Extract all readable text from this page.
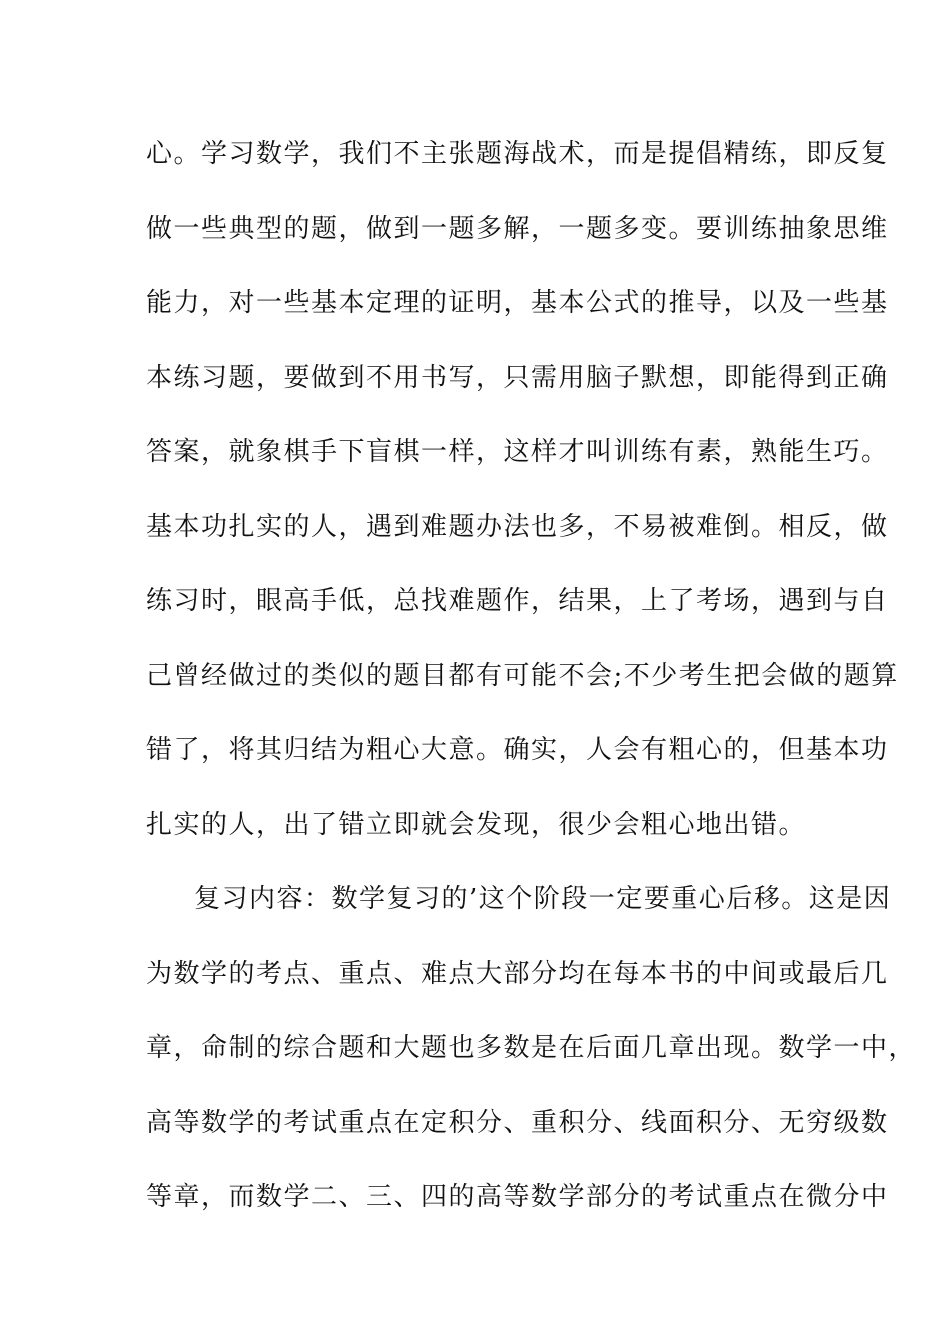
心。学习数学，我们不主张题海战术，而是提倡精练，即反复
做一些典型的题，做到一题多解，一题多变。要训练抽象思维
能力，对一些基本定理的证明，基本公式的推导，以及一些基
本练习题，要做到不用书写，只需用脑子默想，即能得到正确
答案，就象棋手下盲棋一样，这样才叫训练有素，熟能生巧。
基本功扎实的人，遇到难题办法也多，不易被难倒。相反，做
练习时，眼高手低，总找难题作，结果，上了考场，遇到与自
己曾经做过的类似的题目都有可能不会;不少考生把会做的题算
错了，将其归结为粗心大意。确实，人会有粗心的，但基本功
扎实的人，出了错立即就会发现，很少会粗心地出错。
复习内容：数学复习的’这个阶段一定要重心后移。这是因
为数学的考点、重点、难点大部分均在每本书的中间或最后几
章，命制的综合题和大题也多数是在后面几章出现。数学一中，
高等数学的考试重点在定积分、重积分、线面积分、无穷级数
等章，而数学二、三、四的高等数学部分的考试重点在微分中
